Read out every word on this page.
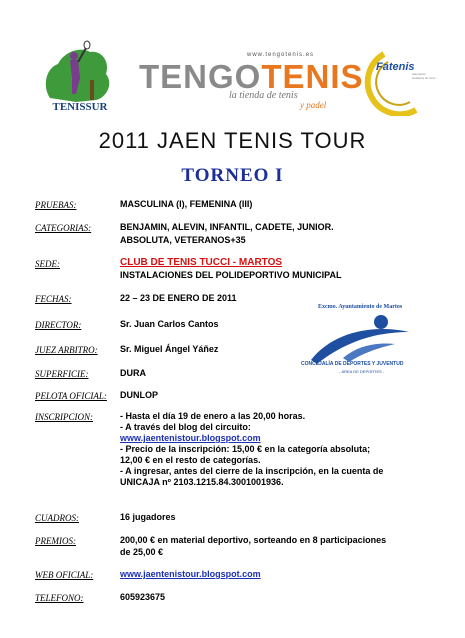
TENISSUR
www.tengotenis.es
TENGOTENIS
la tienda de tenis
y padel
Fatenis
federación andaluza de tenis
2011 JAEN TENIS TOUR
TORNEO I
PRUEBAS:	MASCULINA (I), FEMENINA (III)
CATEGORIAS:	BENJAMIN, ALEVIN, INFANTIL, CADETE, JUNIOR.
ABSOLUTA, VETERANOS+35
SEDE:	CLUB DE TENIS TUCCI - MARTOS
INSTALACIONES DEL POLIDEPORTIVO MUNICIPAL
FECHAS:	22 – 23 DE ENERO DE 2011
Excmo. Ayuntamiento de Martos
CONCEJALÍA DE DEPORTES Y JUVENTUD
- ÁREA DE DEPORTES -
DIRECTOR:	Sr. Juan Carlos Cantos
JUEZ ARBITRO: Sr. Miguel Ángel Yáñez
SUPERFICIE:	DURA
PELOTA OFICIAL: DUNLOP
INSCRIPCION:	- Hasta el día 19 de enero a las 20,00 horas.
- A través del blog del circuito:
www.jaentenistour.blogspot.com
- Precio de la inscripción: 15,00 € en la categoría absoluta;
12,00 € en el resto de categorías.
- A ingresar, antes del cierre de la inscripción, en la cuenta de
UNICAJA nº 2103.1215.84.3001001936.
CUADROS:	16 jugadores
PREMIOS:	200,00 € en material deportivo, sorteando en 8 participaciones
de 25,00 €
WEB OFICIAL:	www.jaentenistour.blogspot.com
TELEFONO:	605923675
